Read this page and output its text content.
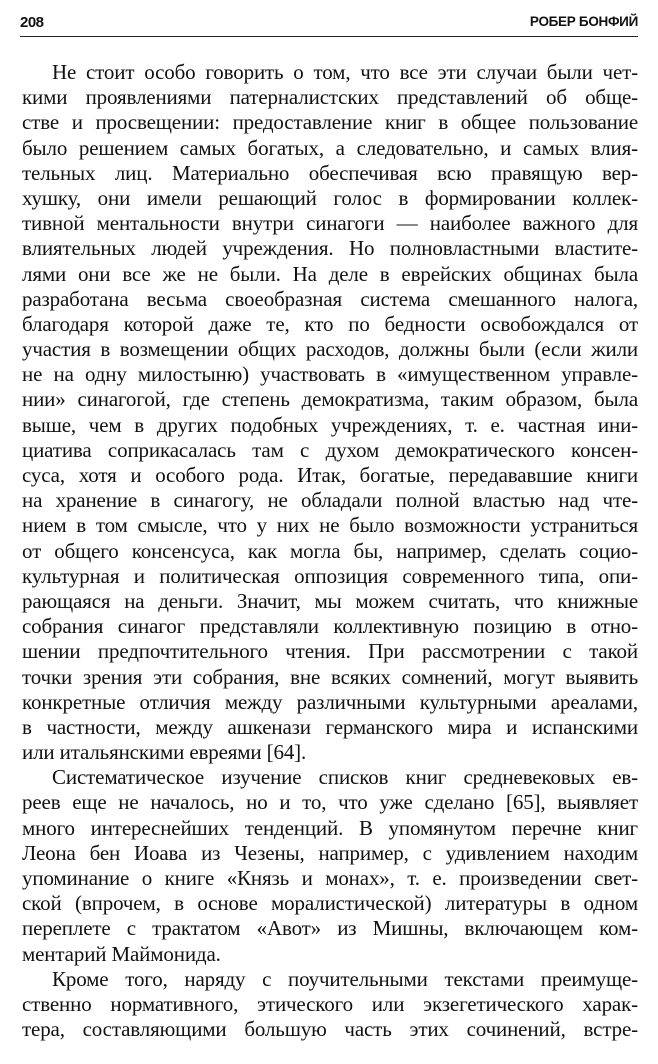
208	РОБЕР БОНФИЙ
Не стоит особо говорить о том, что все эти случаи были чет-
кими проявлениями патерналистских представлений об обще-
стве и просвещении: предоставление книг в общее пользование
было решением самых богатых, а следовательно, и самых влия-
тельных лиц. Материально обеспечивая всю правящую вер-
хушку, они имели решающий голос в формировании коллек-
тивной ментальности внутри синагоги — наиболее важного для
влиятельных людей учреждения. Но полновластными властите-
лями они все же не были. На деле в еврейских общинах была
разработана весьма своеобразная система смешанного налога,
благодаря которой даже те, кто по бедности освобождался от
участия в возмещении общих расходов, должны были (если жили
не на одну милостыню) участвовать в «имущественном управле-
нии» синагогой, где степень демократизма, таким образом, была
выше, чем в других подобных учреждениях, т. е. частная ини-
циатива соприкасалась там с духом демократического консен-
суса, хотя и особого рода. Итак, богатые, передававшие книги
на хранение в синагогу, не обладали полной властью над чте-
нием в том смысле, что у них не было возможности устраниться
от общего консенсуса, как могла бы, например, сделать социо-
культурная и политическая оппозиция современного типа, опи-
рающаяся на деньги. Значит, мы можем считать, что книжные
собрания синагог представляли коллективную позицию в отно-
шении предпочтительного чтения. При рассмотрении с такой
точки зрения эти собрания, вне всяких сомнений, могут выявить
конкретные отличия между различными культурными ареалами,
в частности, между ашкенази германского мира и испанскими
или итальянскими евреями [64].
Систематическое изучение списков книг средневековых ев-
реев еще не началось, но и то, что уже сделано [65], выявляет
много интереснейших тенденций. В упомянутом перечне книг
Леона бен Иоава из Чезены, например, с удивлением находим
упоминание о книге «Князь и монах», т. е. произведении свет-
ской (впрочем, в основе моралистической) литературы в одном
переплете с трактатом «Авот» из Мишны, включающем ком-
ментарий Маймонида.
Кроме того, наряду с поучительными текстами преимуще-
ственно нормативного, этического или экзегетического харак-
тера, составляющими большую часть этих сочинений, встре-
